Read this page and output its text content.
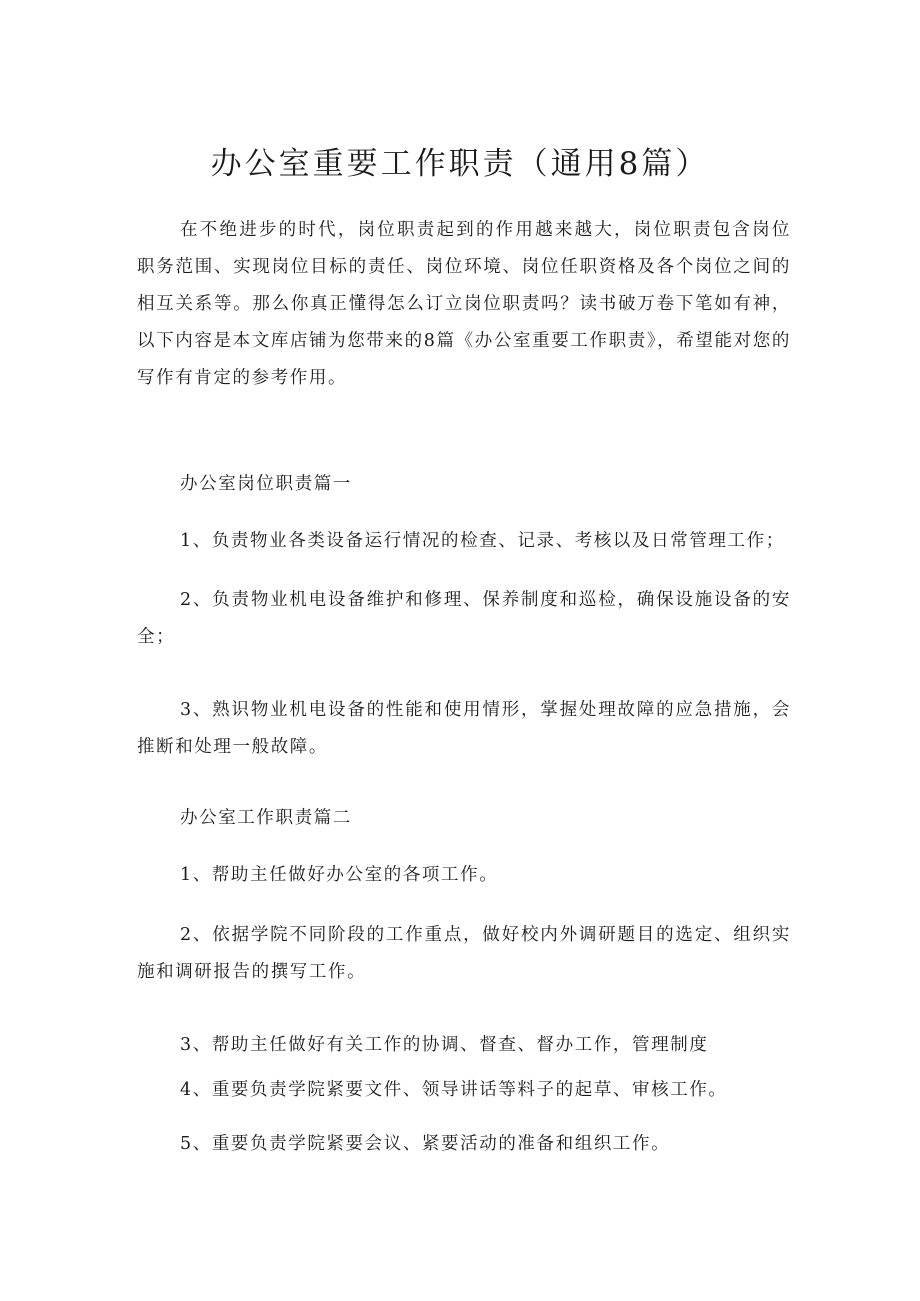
办公室重要工作职责（通用8篇）

在不绝进步的时代，岗位职责起到的作用越来越大，岗位职责包含岗位职务范围、实现岗位目标的责任、岗位环境、岗位任职资格及各个岗位之间的相互关系等。那么你真正懂得怎么订立岗位职责吗？读书破万卷下笔如有神，以下内容是本文库店铺为您带来的8篇《办公室重要工作职责》，希望能对您的写作有肯定的参考作用。

办公室岗位职责篇一

1、负责物业各类设备运行情况的检查、记录、考核以及日常管理工作；

2、负责物业机电设备维护和修理、保养制度和巡检，确保设施设备的安全；

3、熟识物业机电设备的性能和使用情形，掌握处理故障的应急措施，会推断和处理一般故障。

办公室工作职责篇二

1、帮助主任做好办公室的各项工作。

2、依据学院不同阶段的工作重点，做好校内外调研题目的选定、组织实施和调研报告的撰写工作。

3、帮助主任做好有关工作的协调、督查、督办工作，管理制度

4、重要负责学院紧要文件、领导讲话等料子的起草、审核工作。

5、重要负责学院紧要会议、紧要活动的准备和组织工作。
